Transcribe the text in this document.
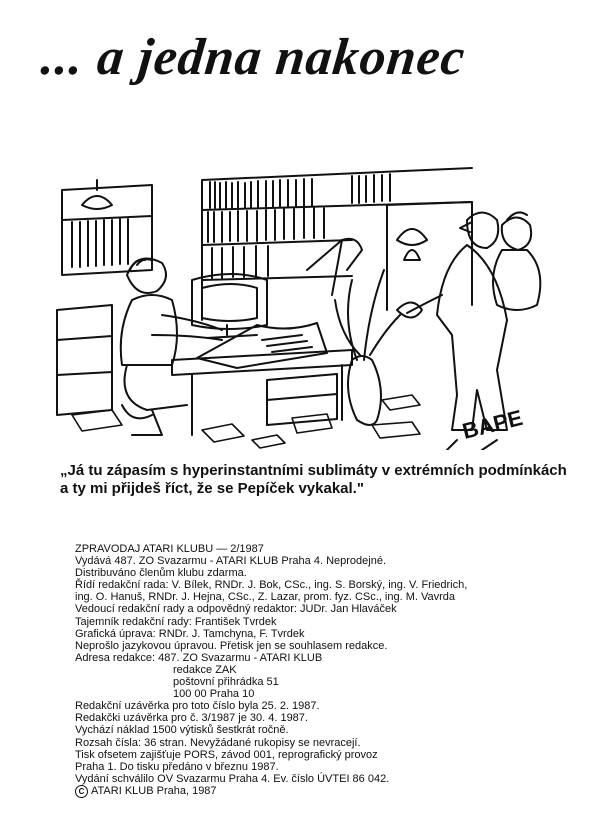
... a jedna nakonec
BAPE
„Já tu zápasím s hyperinstantními sublimáty v extrémních podmínkách
a ty mi přijdeš říct, že se Pepíček vykakal."
ZPRAVODAJ ATARI KLUBU — 2/1987
Vydává 487. ZO Svazarmu - ATARI KLUB Praha 4. Neprodejné.
Distribuváno členům klubu zdarma.
Řídí redakční rada: V. Bílek, RNDr. J. Bok, CSc., ing. S. Borský, ing. V. Friedrich,
ing. O. Hanuš, RNDr. J. Hejna, CSc., Z. Lazar, prom. fyz. CSc., ing. M. Vavrda
Vedoucí redakční rady a odpovědný redaktor: JUDr. Jan Hlaváček
Tajemník redakční rady: František Tvrdek
Grafická úprava: RNDr. J. Tamchyna, F. Tvrdek
Neprošlo jazykovou úpravou. Přetisk jen se souhlasem redakce.
Adresa redakce: 487. ZO Svazarmu - ATARI KLUB
redakce ZAK
poštovní přihrádka 51
100 00 Praha 10
Redakční uzávěrka pro toto číslo byla 25. 2. 1987.
Redakčki uzávěrka pro č. 3/1987 je 30. 4. 1987.
Vychází náklad 1500 výtisků šestkrát ročně.
Rozsah čísla: 36 stran. Nevyžádané rukopisy se nevracejí.
Tisk ofsetem zajišťuje PORS, závod 001, reprografický provoz
Praha 1. Do tisku předáno v březnu 1987.
Vydání schválilo OV Svazarmu Praha 4. Ev. číslo ÚVTEI 86 042.
C ATARI KLUB Praha, 1987
